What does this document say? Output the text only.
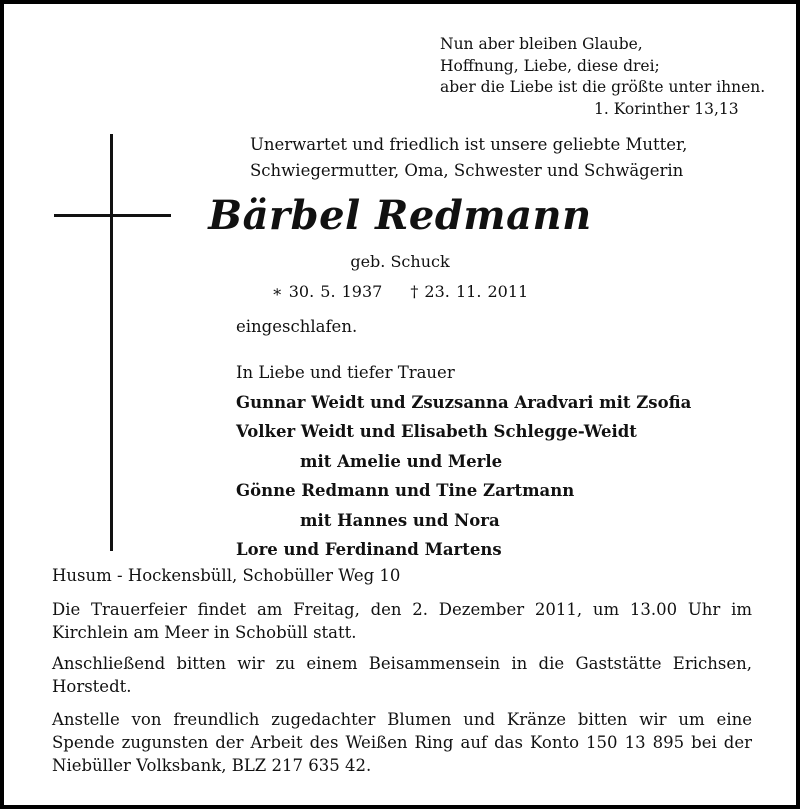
Nun aber bleiben Glaube,
Hoffnung, Liebe, diese drei;
aber die Liebe ist die größte unter ihnen.

1. Korinther 13,13
Unerwartet und friedlich ist unsere geliebte Mutter,
Schwiegermutter, Oma, Schwester und Schwägerin
Bärbel Redmann
geb. Schuck
∗ 30. 5. 1937 † 23. 11. 2011
eingeschlafen.
In Liebe und tiefer Trauer
Gunnar Weidt und Zsuzsanna Aradvari mit Zsofia
Volker Weidt und Elisabeth Schlegge-Weidt
mit Amelie und Merle
Gönne Redmann und Tine Zartmann
mit Hannes und Nora
Lore und Ferdinand Martens
Husum - Hockensbüll, Schobüller Weg 10
Die Trauerfeier findet am Freitag, den 2. Dezember 2011, um 13.00 Uhr im Kirchlein am Meer in Schobüll statt.
Anschließend bitten wir zu einem Beisammensein in die Gaststätte Erichsen, Horstedt.
Anstelle von freundlich zugedachter Blumen und Kränze bitten wir um eine Spende zugunsten der Arbeit des Weißen Ring auf das Konto 150 13 895 bei der Niebüller Volksbank, BLZ 217 635 42.
